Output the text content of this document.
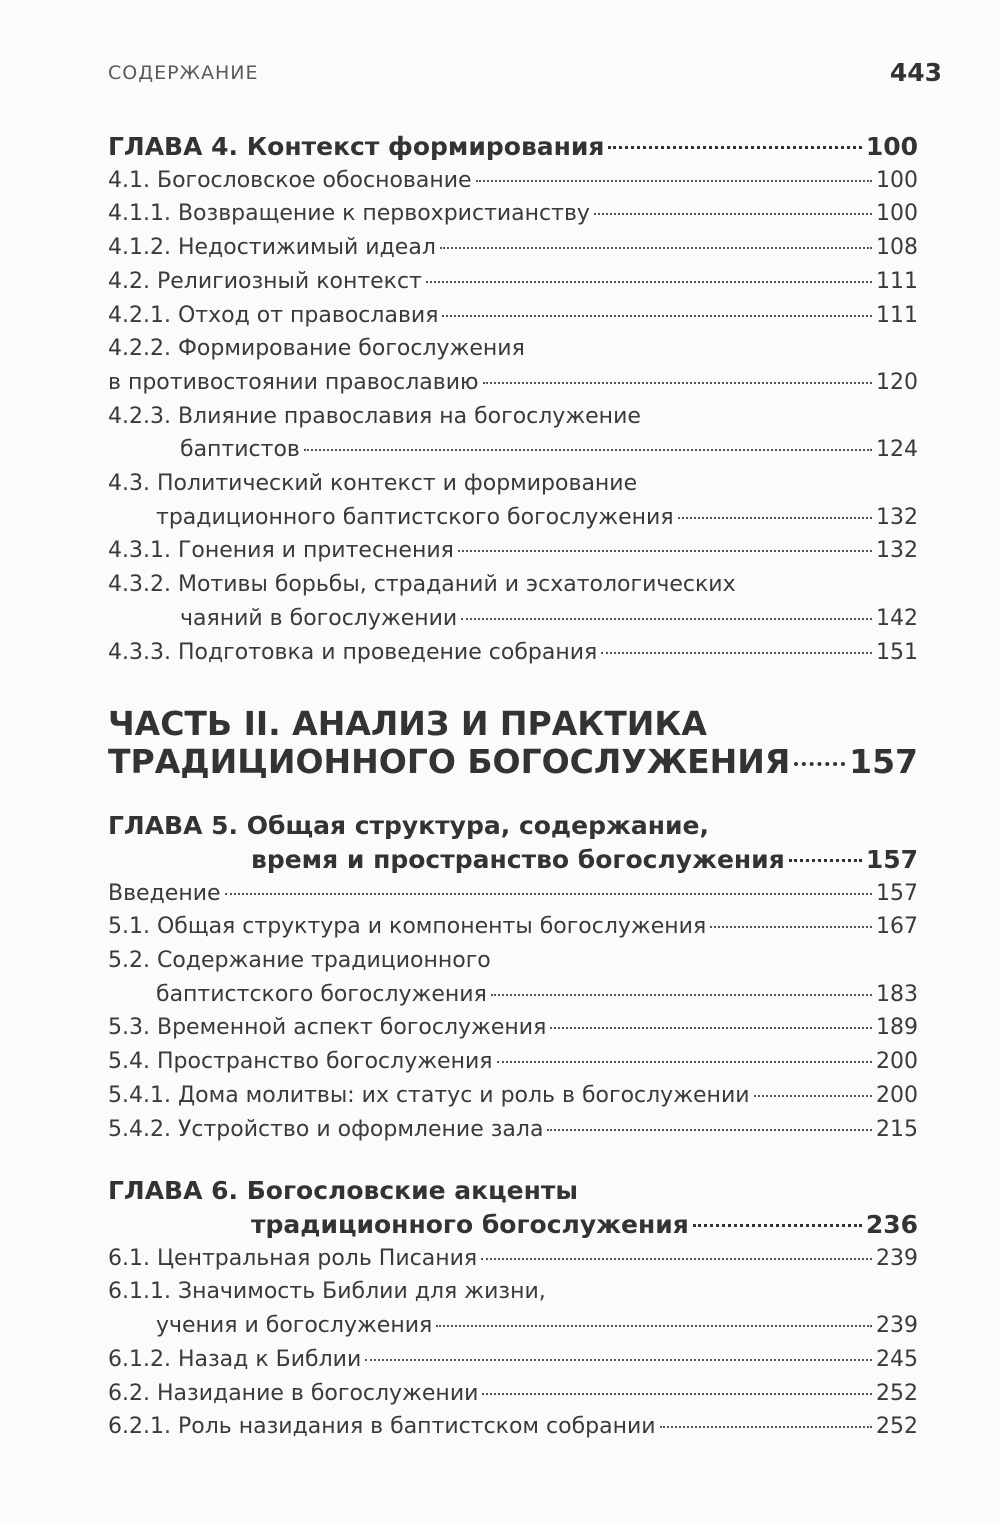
СОДЕРЖАНИЕ	443
ГЛАВА 4. Контекст формирования	100
4.1. Богословское обоснование	100
4.1.1. Возвращение к первохристианству	100
4.1.2. Недостижимый идеал	108
4.2. Религиозный контекст	111
4.2.1. Отход от православия	111
4.2.2. Формирование богослужения
в противостоянии православию	120
4.2.3. Влияние православия на богослужение
баптистов	124
4.3. Политический контекст и формирование
традиционного баптистского богослужения	132
4.3.1. Гонения и притеснения	132
4.3.2. Мотивы борьбы, страданий и эсхатологических
чаяний в богослужении	142
4.3.3. Подготовка и проведение собрания	151
ЧАСТЬ II. АНАЛИЗ И ПРАКТИКА
ТРАДИЦИОННОГО БОГОСЛУЖЕНИЯ 157
ГЛАВА 5. Общая структура, содержание,
время и пространство богослужения	157
Введение	157
5.1. Общая структура и компоненты богослужения	167
5.2. Содержание традиционного
баптистского богослужения	183
5.3. Временной аспект богослужения	189
5.4. Пространство богослужения	200
5.4.1. Дома молитвы: их статус и роль в богослужении	200
5.4.2. Устройство и оформление зала	215
ГЛАВА 6. Богословские акценты
традиционного богослужения	236
6.1. Центральная роль Писания	239
6.1.1. Значимость Библии для жизни,
учения и богослужения	239
6.1.2. Назад к Библии	245
6.2. Назидание в богослужении	252
6.2.1. Роль назидания в баптистском собрании	252
